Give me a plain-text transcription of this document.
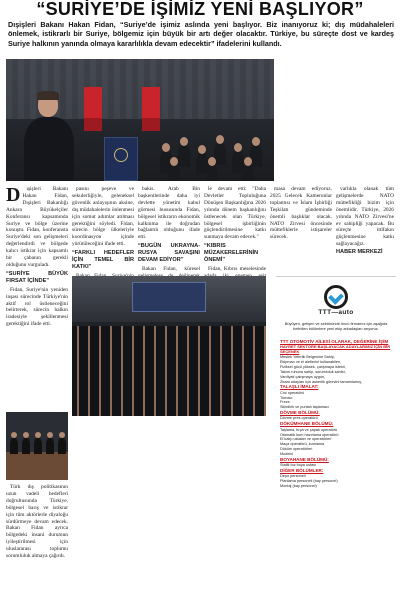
“SURİYE’DE İŞİMİZ YENİ BAŞLIYOR”
Dışişleri Bakanı Hakan Fidan, “Suriye’de işimiz aslında yeni başlıyor. Biz inanıyoruz ki; dış müdahaleleri önlemek, istikrarlı bir Suriye, bölgemiz için büyük bir artı değer olacaktır. Türkiye, bu süreçte dost ve kardeş Suriye halkının yanında olmaya kararlılıkla devam edecektir” ifadelerini kullandı.
D	ışişleri Bakanı Hakan Fidan, Dışişleri Bakanlığı Ankara Büyükelçiler Konferansı kapsamında Suriye ve bölge üzerine konuştu. Fidan, konferansta Suriye'deki son gelişmeleri değerlendirdi ve bölgede kalıcı istikrar için kapsamlı bir çabanın gerekli olduğunu vurguladı.

“SURİYE BÜYÜK FIRSAT İÇİNDE”

Fidan, Suriye'nin yeniden inşası sürecinde Türkiye'nin aktif rol üstleneceğini belirterek, sürecin halkın iradesiyle şekillenmesi gerektiğini ifade etti.

Türk dış politikasının uzun vadeli hedefleri doğrultusunda Türkiye, bölgesel barış ve istikrar için tüm aktörlerle diyaloğu sürdürmeye devam edecek. Bakan Fidan ayrıca bölgedeki insani durumun iyileştirilmesi için uluslararası toplumu sorumluluk almaya çağırdı.

pasını peşeve ve sekulerliğiyle, geleneksel güvenlik anlayışının aksine, dış müdahalelerin önlenmesi için somut adımlar atılması gerektiğini söyledi. Fidan, sürecin bölge ülkeleriyle koordinasyon içinde yürütüleceğini ifade etti.

“FARKLI HEDEFLER İÇİN TEMEL BİR KATKI”

bakis. Arab Bin başkentlerinde daha iyi devlette yönetim kabul görmesi hususunda Fidan, bölgesel istikrarın ekonomik kalkınma ile doğrudan bağlantılı olduğunu ifade etti.

“BUGÜN UKRAYNA-RUSYA SAVAŞINI DEVAM EDİYOR”

Bakan Fidan, küresel

le devam etti: "Daha Devletler Topluluğuna Dönüşen Başkanlığına 2026 yılında dönem başkanlığını üstlenecek olan Türkiye, bölgesel işbirliğinin güçlendirilmesine katkı sunmaya devam edecek."

“KIBRIS MÜZAKERELERİNİN ÖNEMİ”

Fidan, Kıbrıs meselesinde

masa devam ediyoruz. 2025 Gelecek Kamerunlar toplantısı ve İslam İşbirliği Teşkilatı gündeminde önemli başlıklar olacak. NATO Zirvesi öncesinde müttefiklerle istişareler sürecek.

varlıkla olanak tüm gelişmelerde NATO müttefikliği bizim için önemlidir. Türkiye, 2026 yılında NATO Zirvesi'ne ev sahipliği yapacak. Bu süreçte ittifakın güçlenmesine katkı sağlayacağız.

HABER MERKEZİ
TTT—auto
Büyüyen, gelişen ve sektöründe öncü firmamız için aşağıda belirtilen bölümlere yeni ekip arkadaşları arıyoruz.
TTT OTOMOTİV AİLESİ OLARAK, DEĞERİNE İŞİM
HAYRET SEKTÖRE BAŞLAYACAK ADAYLARIMIZ İÇİN BİR SEÇENEK
Meslek Yeterlik Belgesine Sahip,
Ekipman ve el aletlerini kullanabilen,
Fiziksel gücü yüksek, çalışmaya istekli,
Takım ruhuna sahip, sorumluluk sahibi,
Vardiyalı çalışmaya uygun,
Ziraat adayları için askerlik görevini tamamlamış,
TALAŞLI İMALAT:
Cnc operatörü
Tornacı
Freze
Silindirik ve puntalı taşlamacı
DÖVME BÖLÜMÜ:
Dövme pres operatörü
DÖKÜMHANE BÖLÜMÜ:
Taşlama, fırça ve çapak operatörü
Otomatik kum hazırlama operatörü
El kalıp ustaları ve operatörleri
Maça operatörü, kumlama
Döküm operatörleri
Modelci
BOYAHANE BÖLÜMÜ:
Statik toz boya ustası
DİĞER BÖLÜMLER:
Depo personeli
Planlama personeli (bay personel)
Montaj (bay personel)
